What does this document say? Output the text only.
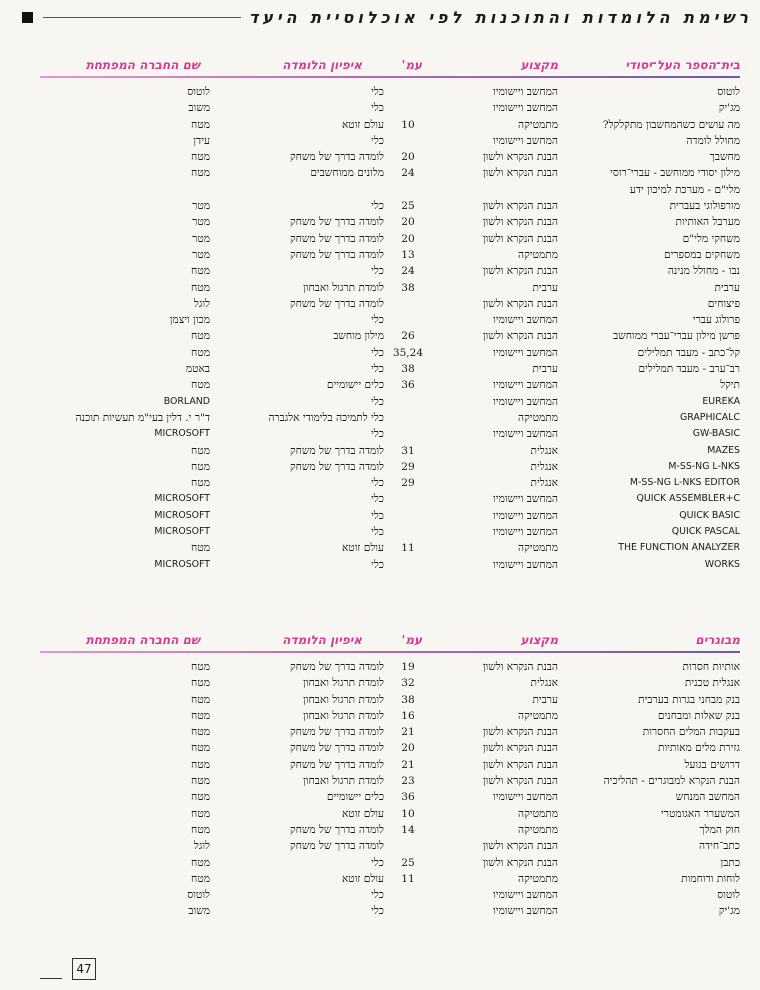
רשימת הלומדות והתוכנות לפי אוכלוסיית היעד
בית־הספר העל־יסודי
מקצוע
עמ'
איפיון הלומדה
שם החברה המפתחת
לוטוס
המחשב ויישומיו
כלי
לוטוס
מג'יק
המחשב ויישומיו
כלי
משוב
מה עושים כשהמחשבון מתקלקל?
מתמטיקה
10
עולם זוטא
מטח
מחולל לומדה
המחשב ויישומיו
כלי
עידן
מחשבך
הבנת הנקרא ולשון
20
לומדה בדרך של משחק
מטח
מילון יסודי ממוחשב - עברי־רוסי
הבנת הנקרא ולשון
24
מלונים ממוחשבים
מטח
מלי"ם - מערכת למיכון ידע
מורפולוגי בעברית
הבנת הנקרא ולשון
25
כלי
מטר
מערבל האותיות
הבנת הנקרא ולשון
20
לומדה בדרך של משחק
מטר
משחקי מלי"ם
הבנת הנקרא ולשון
20
לומדה בדרך של משחק
מטר
משחקים במספרים
מתמטיקה
13
לומדה בדרך של משחק
מטר
נבו - מחולל מנינה
הבנת הנקרא ולשון
24
כלי
מטח
ערבית
ערבית
38
לומדת תרגול ואבחון
מטח
פיצוחים
הבנת הנקרא ולשון
לומדה בדרך של משחק
לוגל
פרולוג עברי
המחשב ויישומיו
כלי
מכון ויצמן
פרשן מילון עברי־עברי ממוחשב
הבנת הנקרא ולשון
26
מילון מוחשב
מטח
קל־כתב - מעבד תמלילים
המחשב ויישומיו
35,24
כלי
מטח
רב־ערב - מעבד תמלילים
ערבית
38
כלי
באטמ
תיקל
המחשב ויישומיו
36
כלים יישומיים
מטח
EUREKA
המחשב ויישומיו
כלי
BORLAND
GRAPHICALC
מתמטיקה
כלי לתמיכה בלימודי אלגברה
ד"ר י. דלין בעי"מ תעשיות תוכנה
GW-BASIC
המחשב ויישומיו
כלי
MICROSOFT
MAZES
אנגלית
31
לומדה בדרך של משחק
מטח
M-SS-NG L-NKS
אנגלית
29
לומדה בדרך של משחק
מטח
M-SS-NG L-NKS EDITOR
אנגלית
29
כלי
מטח
QUICK ASSEMBLER+C
המחשב ויישומיו
כלי
MICROSOFT
QUICK BASIC
המחשב ויישומיו
כלי
MICROSOFT
QUICK PASCAL
המחשב ויישומיו
כלי
MICROSOFT
THE FUNCTION ANALYZER
מתמטיקה
11
עולם זוטא
מטח
WORKS
המחשב ויישומיו
כלי
MICROSOFT
מבוגרים
מקצוע
עמ'
איפיון הלומדה
שם החברה המפתחת
אותיות חסרות
הבנת הנקרא ולשון
19
לומדה בדרך של משחק
מטח
אנגלית טכנית
אנגלית
32
לומדת תרגול ואבחון
מטח
בנק מבחני בגרות בערבית
ערבית
38
לומדת תרגול ואבחון
מטח
בנק שאלות ומבחנים
מתמטיקה
16
לומדת תרגול ואבחון
מטח
בעקבות המלים החסרות
הבנת הנקרא ולשון
21
לומדה בדרך של משחק
מטח
גזירת מלים מאותיות
הבנת הנקרא ולשון
20
לומדה בדרך של משחק
מטח
דרושים בגועל
הבנת הנקרא ולשון
21
לומדה בדרך של משחק
מטח
הבנת הנקרא למבוגרים - תהליכיה
הבנת הנקרא ולשון
23
לומדת תרגול ואבחון
מטח
המחשב המנחש
המחשב ויישומיו
36
כלים יישומיים
מטח
המשערר האגומטרי
מתמטיקה
10
עולם זוטא
מטח
חוק המלך
מתמטיקה
14
לומדה בדרך של משחק
מטח
כתב־חידה
הבנת הנקרא ולשון
לומדה בדרך של משחק
לוגל
כתבן
הבנת הנקרא ולשון
25
כלי
מטח
לוחות ורוחמות
מתמטיקה
11
עולם זוטא
מטח
לוטוס
המחשב ויישומיו
כלי
לוטוס
מג'יק
המחשב ויישומיו
כלי
משוב
47
